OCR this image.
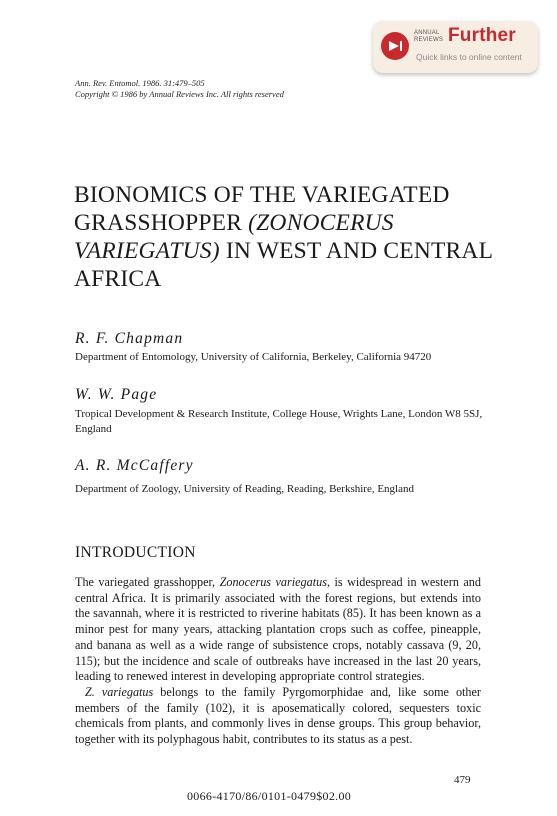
ANNUAL
REVIEWS Further
Quick links to online content
Ann. Rev. Entomol. 1986. 31:479–505
Copyright © 1986 by Annual Reviews Inc. All rights reserved
BIONOMICS OF THE VARIEGATED GRASSHOPPER (ZONOCERUS VARIEGATUS) IN WEST AND CENTRAL AFRICA
R. F. Chapman
Department of Entomology, University of California, Berkeley, California 94720
W. W. Page
Tropical Development & Research Institute, College House, Wrights Lane, London W8 5SJ, England
A. R. McCaffery
Department of Zoology, University of Reading, Reading, Berkshire, England
INTRODUCTION

The variegated grasshopper, Zonocerus variegatus, is widespread in western and central Africa. It is primarily associated with the forest regions, but extends into the savannah, where it is restricted to riverine habitats (85). It has been known as a minor pest for many years, attacking plantation crops such as coffee, pineapple, and banana as well as a wide range of subsistence crops, notably cassava (9, 20, 115); but the incidence and scale of outbreaks have increased in the last 20 years, leading to renewed interest in developing appropriate control strategies.

Z. variegatus belongs to the family Pyrgomorphidae and, like some other members of the family (102), it is aposematically colored, sequesters toxic chemicals from plants, and commonly lives in dense groups. This group behavior, together with its polyphagous habit, contributes to its status as a pest.

479
0066-4170/86/0101-0479$02.00
